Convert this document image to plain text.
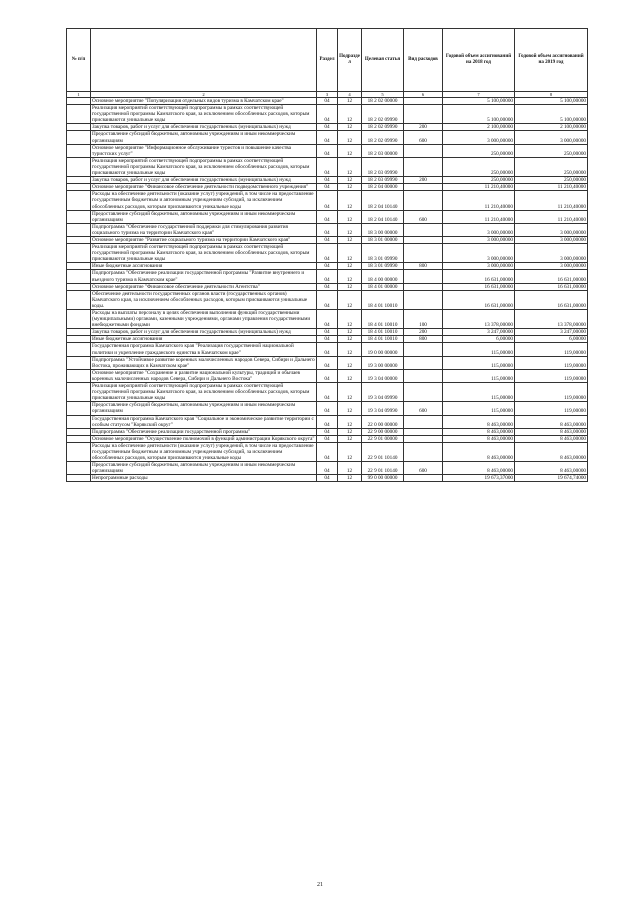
№ п/п		Раздел	Подраздел	Целевая статья	Вид расходов	Годовой объем ассигнований на 2018 год	Годовой объем ассигнований на 2019 год
1	2	3	4	5	6	7	8
	Основное мероприятие "Популяризация отдельных видов туризма в Камчатском крае"	04	12	18 2 02 00000		5 100,00000	5 100,00000
	Реализация мероприятий соответствующей подпрограммы в рамках соответствующей государственной программы Камчатского края, за исключением обособленных расходов, которым присваиваются уникальные коды	04	12	18 2 02 09990		5 100,00000	5 100,00000
	Закупка товаров, работ и услуг для обеспечения государственных (муниципальных) нужд	04	12	18 2 02 09990	200	2 100,00000	2 100,00000
	Предоставление субсидий бюджетным, автономным учреждениям и иным некоммерческим организациям	04	12	18 2 02 09990	600	3 000,00000	3 000,00000
	Основное мероприятие "Информационное обслуживание туристов и повышение качества туристских услуг"	04	12	18 2 03 00000		250,00000	250,00000
	Реализация мероприятий соответствующей подпрограммы в рамках соответствующей государственной программы Камчатского края, за исключением обособленных расходов, которым присваиваются уникальные коды	04	12	18 2 03 09990		250,00000	250,00000
	Закупка товаров, работ и услуг для обеспечения государственных (муниципальных) нужд	04	12	18 2 03 09990	200	250,00000	250,00000
	Основное мероприятие "Финансовое обеспечение деятельности подведомственного учреждения"	04	12	18 2 04 00000		11 210,40000	11 210,40000
	Расходы на обеспечение деятельности (оказание услуг) учреждений, в том числе на предоставление государственным бюджетным и автономным учреждениям субсидий, за исключением обособленных расходов, которым присваиваются уникальные коды	04	12	18 2 04 10140		11 210,40000	11 210,40000
	Предоставление субсидий бюджетным, автономным учреждениям и иным некоммерческим организациям	04	12	18 2 04 10140	600	11 210,40000	11 210,40000
	Подпрограмма "Обеспечение государственной поддержки для стимулирования развития социального туризма на территории Камчатского края"	04	12	18 3 00 00000		3 000,00000	3 000,00000
	Основное мероприятие "Развитие социального туризма на территории Камчатского края"	04	12	18 3 01 00000		3 000,00000	3 000,00000
	Реализация мероприятий соответствующей подпрограммы в рамках соответствующей государственной программы Камчатского края, за исключением обособленных расходов, которым присваиваются уникальные коды	04	12	18 3 01 09990		3 000,00000	3 000,00000
	Иные бюджетные ассигнования	04	12	18 3 01 09990	800	3 000,00000	3 000,00000
	Подпрограмма "Обеспечение реализации государственной программы "Развитие внутреннего и въездного туризма в Камчатском крае"	04	12	18 4 00 00000		16 631,00000	16 631,00000
	Основное мероприятие "Финансовое обеспечение деятельности Агентства"	04	12	18 4 01 00000		16 631,00000	16 631,00000
	Обеспечение деятельности государственных органов власти (государственных органов) Камчатского края, за исключением обособленных расходов, которым присваиваются уникальные коды.	04	12	18 4 01 10010		16 631,00000	16 631,00000
	Расходы на выплаты персоналу в целях обеспечения выполнения функций государственными (муниципальными) органами, казенными учреждениями, органами управления государственными внебюджетными фондами	04	12	18 4 01 10010	100	13 378,00000	13 378,00000
	Закупка товаров, работ и услуг для обеспечения государственных (муниципальных) нужд	04	12	18 4 01 10010	200	3 247,00000	3 247,00000
	Иные бюджетные ассигнования	04	12	18 4 01 10010	800	6,00000	6,00000
	Государственная программа Камчатского края "Реализация государственной национальной политики и укрепление гражданского единства в Камчатском крае"	04	12	19 0 00 00000		115,00000	119,00000
	Подпрограмма "Устойчивое развитие коренных малочисленных народов Севера, Сибири и Дальнего Востока, проживающих в Камчатском крае"	04	12	19 3 00 00000		115,00000	119,00000
	Основное мероприятие "Сохранение и развитие национальной культуры, традиций и обычаев коренных малочисленных народов Севера, Сибири и Дальнего Востока"	04	12	19 3 04 00000		115,00000	119,00000
	Реализация мероприятий соответствующей подпрограммы в рамках соответствующей государственной программы Камчатского края, за исключением обособленных расходов, которым присваиваются уникальные коды	04	12	19 3 04 09990		115,00000	119,00000
	Предоставление субсидий бюджетным, автономным учреждениям и иным некоммерческим организациям	04	12	19 3 04 09990	600	115,00000	119,00000
	Государственная программа Камчатского края "Социальное и экономическое развитие территории с особым статусом "Корякский округ"	04	12	22 0 00 00000		8 463,00000	8 463,00000
	Подпрограмма "Обеспечение реализации государственной программы"	04	12	22 9 00 00000		8 463,00000	8 463,00000
	Основное мероприятие "Осуществление полномочий в функций администрации Корякского округа"	04	12	22 9 01 00000		8 463,00000	8 463,00000
	Расходы на обеспечение деятельности (оказание услуг) учреждений, в том числе на предоставление государственным бюджетным и автономным учреждениям субсидий, за исключением обособленных расходов, которым присваиваются уникальные коды	04	12	22 9 01 10140		8 463,00000	8 463,00000
	Предоставление субсидий бюджетным, автономным учреждениям и иным некоммерческим организациям	04	12	22 9 01 10140	600	8 463,00000	8 463,00000
	Непрограммные расходы	04	12	99 0 00 00000		19 673,37000	19 674,74000
21
